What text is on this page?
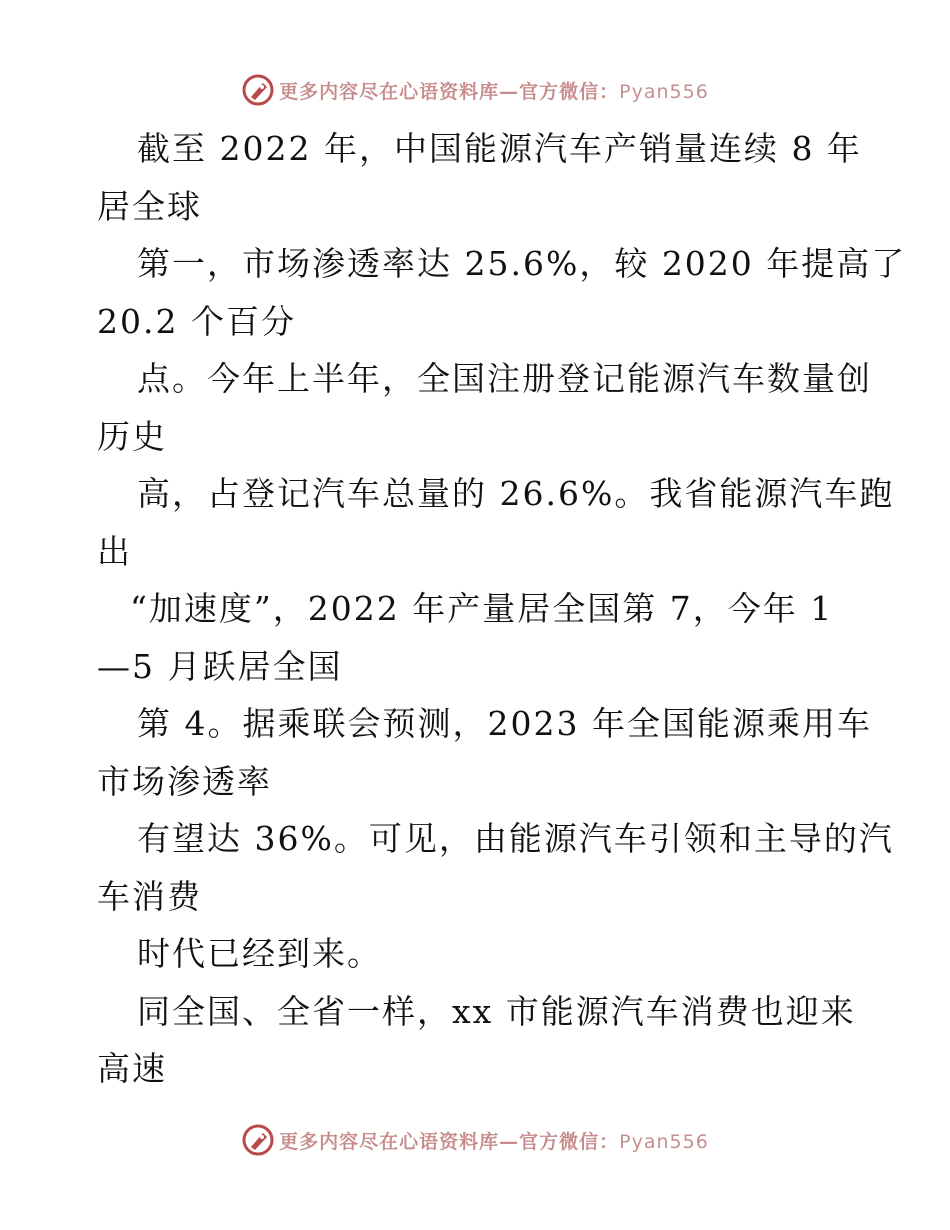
更多内容尽在心语资料库—官方微信：Pyan556
截至 2022 年，中国能源汽车产销量连续 8 年
居全球
第一，市场渗透率达 25.6%，较 2020 年提高了
20.2 个百分
点。今年上半年，全国注册登记能源汽车数量创
历史
高，占登记汽车总量的 26.6%。我省能源汽车跑
出
“加速度”，2022 年产量居全国第 7，今年 1
—5 月跃居全国
第 4。据乘联会预测，2023 年全国能源乘用车
市场渗透率
有望达 36%。可见，由能源汽车引领和主导的汽
车消费
时代已经到来。
同全国、全省一样，xx 市能源汽车消费也迎来
高速
更多内容尽在心语资料库—官方微信：Pyan556
